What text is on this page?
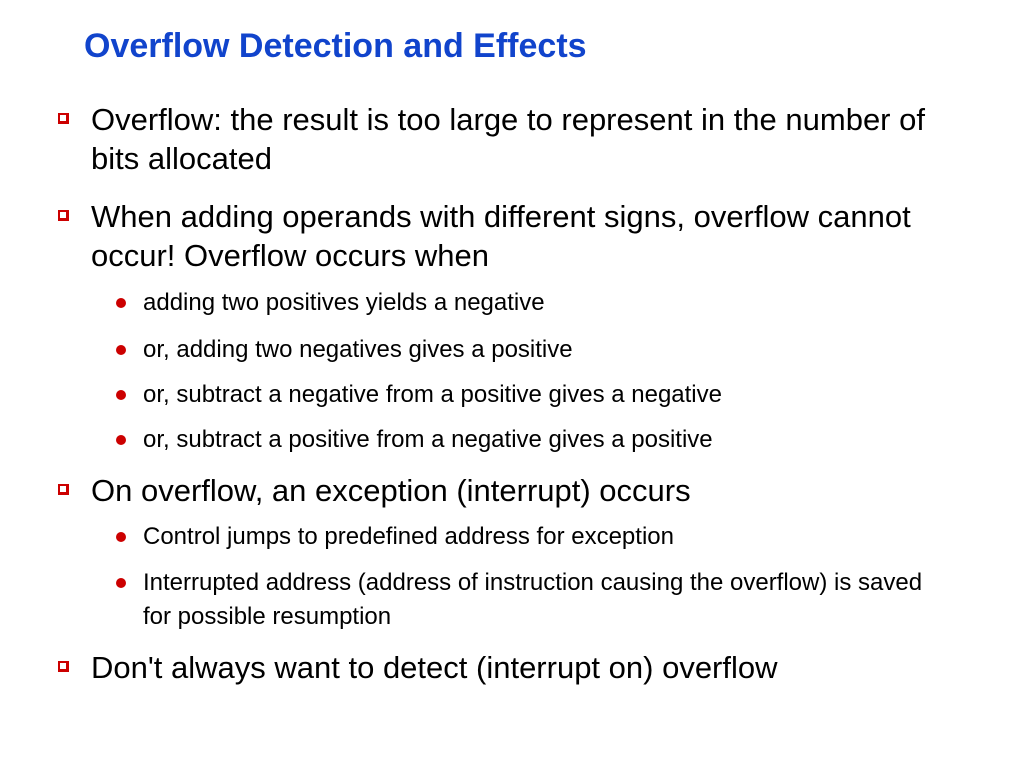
Overflow Detection and Effects
Overflow: the result is too large to represent in the number of bits allocated
When adding operands with different signs, overflow cannot occur! Overflow occurs when
adding two positives yields a negative
or, adding two negatives gives a positive
or, subtract a negative from a positive gives a negative
or, subtract a positive from a negative gives a positive
On overflow, an exception (interrupt) occurs
Control jumps to predefined address for exception
Interrupted address (address of instruction causing the overflow) is saved for possible resumption
Don't always want to detect (interrupt on) overflow
